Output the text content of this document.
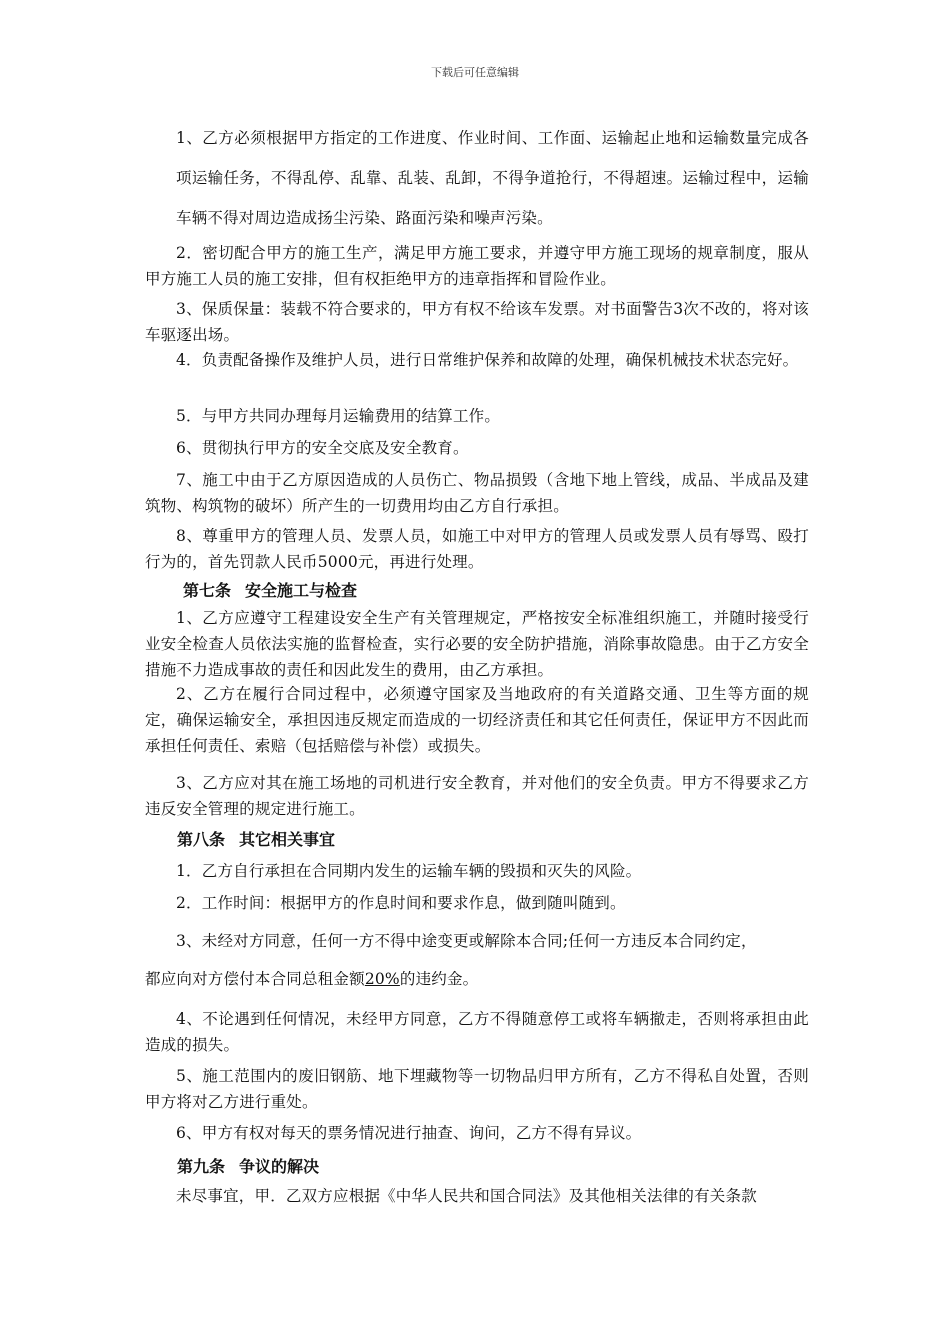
下载后可任意编辑
1、乙方必须根据甲方指定的工作进度、作业时间、工作面、运输起止地和运输数量完成各项运输任务，不得乱停、乱靠、乱装、乱卸，不得争道抢行，不得超速。运输过程中，运输车辆不得对周边造成扬尘污染、路面污染和噪声污染。
2．密切配合甲方的施工生产，满足甲方施工要求，并遵守甲方施工现场的规章制度，服从甲方施工人员的施工安排，但有权拒绝甲方的违章指挥和冒险作业。
3、保质保量：装载不符合要求的，甲方有权不给该车发票。对书面警告3次不改的，将对该车驱逐出场。
4．负责配备操作及维护人员，进行日常维护保养和故障的处理，确保机械技术状态完好。
5．与甲方共同办理每月运输费用的结算工作。
6、贯彻执行甲方的安全交底及安全教育。
7、施工中由于乙方原因造成的人员伤亡、物品损毁（含地下地上管线，成品、半成品及建筑物、构筑物的破坏）所产生的一切费用均由乙方自行承担。
8、尊重甲方的管理人员、发票人员，如施工中对甲方的管理人员或发票人员有辱骂、殴打行为的，首先罚款人民币5000元，再进行处理。
第七条 安全施工与检查
1、乙方应遵守工程建设安全生产有关管理规定，严格按安全标准组织施工，并随时接受行业安全检查人员依法实施的监督检查，实行必要的安全防护措施，消除事故隐患。由于乙方安全措施不力造成事故的责任和因此发生的费用，由乙方承担。
2、乙方在履行合同过程中，必须遵守国家及当地政府的有关道路交通、卫生等方面的规定，确保运输安全，承担因违反规定而造成的一切经济责任和其它任何责任，保证甲方不因此而承担任何责任、索赔（包括赔偿与补偿）或损失。
3、乙方应对其在施工场地的司机进行安全教育，并对他们的安全负责。甲方不得要求乙方违反安全管理的规定进行施工。
第八条 其它相关事宜
1．乙方自行承担在合同期内发生的运输车辆的毁损和灭失的风险。
2．工作时间：根据甲方的作息时间和要求作息，做到随叫随到。
3、未经对方同意，任何一方不得中途变更或解除本合同;任何一方违反本合同约定，
都应向对方偿付本合同总租金额20%的违约金。
4、不论遇到任何情况，未经甲方同意，乙方不得随意停工或将车辆撤走，否则将承担由此造成的损失。
5、施工范围内的废旧钢筋、地下埋藏物等一切物品归甲方所有，乙方不得私自处置，否则甲方将对乙方进行重处。
6、甲方有权对每天的票务情况进行抽查、询问，乙方不得有异议。
第九条 争议的解决
未尽事宜，甲．乙双方应根据《中华人民共和国合同法》及其他相关法律的有关条款
